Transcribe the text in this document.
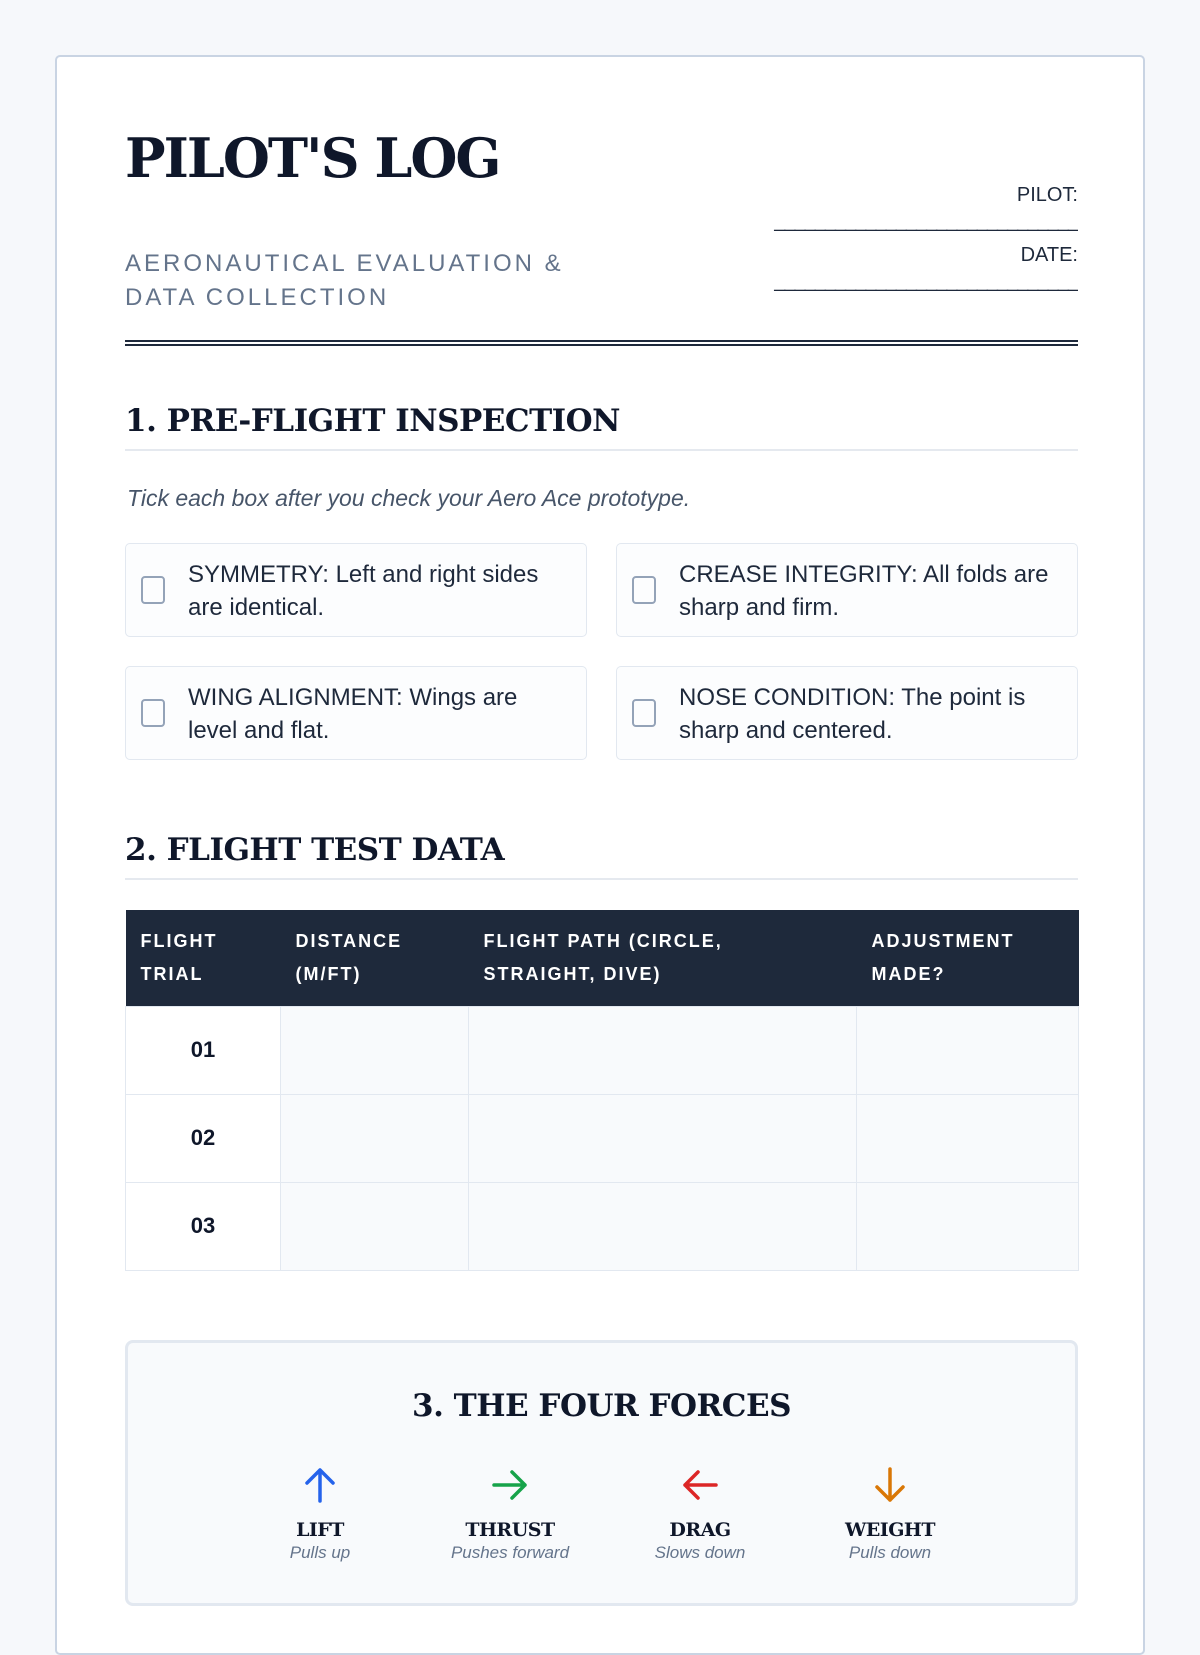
PILOT'S LOG
AERONAUTICAL EVALUATION & DATA COLLECTION
PILOT:
______________________________
DATE:
______________________________
1. PRE-FLIGHT INSPECTION
Tick each box after you check your Aero Ace prototype.
SYMMETRY: Left and right sides are identical.
CREASE INTEGRITY: All folds are sharp and firm.
WING ALIGNMENT: Wings are level and flat.
NOSE CONDITION: The point is sharp and centered.
2. FLIGHT TEST DATA
FLIGHT TRIAL	DISTANCE (M/FT)	FLIGHT PATH (CIRCLE, STRAIGHT, DIVE)	ADJUSTMENT MADE?
01			
02			
03			
3. THE FOUR FORCES
LIFT
Pulls up
THRUST
Pushes forward
DRAG
Slows down
WEIGHT
Pulls down
